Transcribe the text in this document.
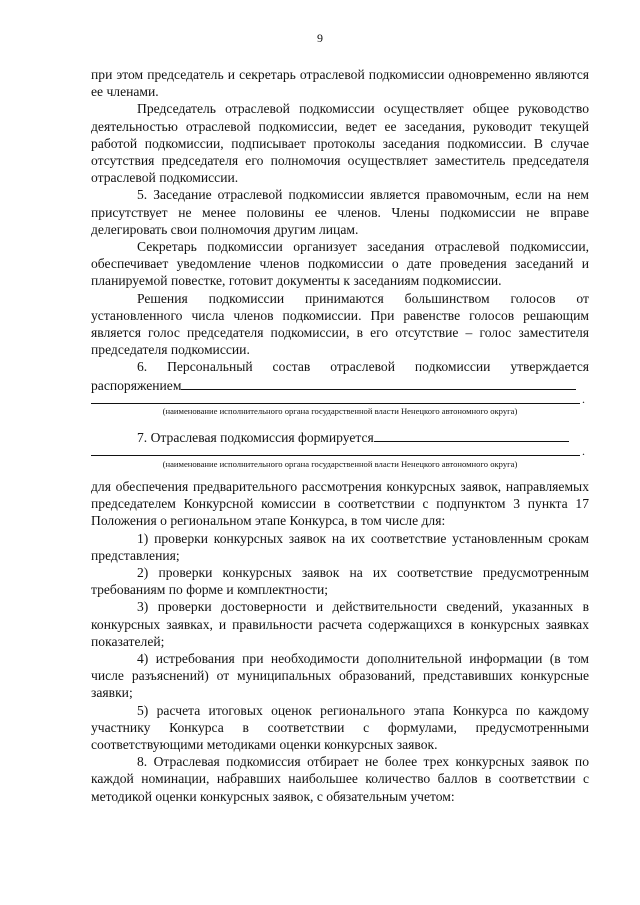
9

при этом председатель и секретарь отраслевой подкомиссии одновременно являются ее членами.

Председатель отраслевой подкомиссии осуществляет общее руководство деятельностью отраслевой подкомиссии, ведет ее заседания, руководит текущей работой подкомиссии, подписывает протоколы заседания подкомиссии. В случае отсутствия председателя его полномочия осуществляет заместитель председателя отраслевой подкомиссии.

5. Заседание отраслевой подкомиссии является правомочным, если на нем присутствует не менее половины ее членов. Члены подкомиссии не вправе делегировать свои полномочия другим лицам.

Секретарь подкомиссии организует заседания отраслевой подкомиссии, обеспечивает уведомление членов подкомиссии о дате проведения заседаний и планируемой повестке, готовит документы к заседаниям подкомиссии.

Решения подкомиссии принимаются большинством голосов от установленного числа членов подкомиссии. При равенстве голосов решающим является голос председателя подкомиссии, в его отсутствие – голос заместителя председателя подкомиссии.

6. Персональный состав отраслевой подкомиссии утверждается

распоряжением
.
(наименование исполнительного органа государственной власти Ненецкого автономного округа)
7. Отраслевая подкомиссия формируется
.
(наименование исполнительного органа государственной власти Ненецкого автономного округа)

для обеспечения предварительного рассмотрения конкурсных заявок, направляемых председателем Конкурсной комиссии в соответствии с подпунктом 3 пункта 17 Положения о региональном этапе Конкурса, в том числе для:

1) проверки конкурсных заявок на их соответствие установленным срокам представления;

2) проверки конкурсных заявок на их соответствие предусмотренным требованиям по форме и комплектности;

3) проверки достоверности и действительности сведений, указанных в конкурсных заявках, и правильности расчета содержащихся в конкурсных заявках показателей;

4) истребования при необходимости дополнительной информации (в том числе разъяснений) от муниципальных образований, представивших конкурсные заявки;

5) расчета итоговых оценок регионального этапа Конкурса по каждому участнику Конкурса в соответствии с формулами, предусмотренными соответствующими методиками оценки конкурсных заявок.

8. Отраслевая подкомиссия отбирает не более трех конкурсных заявок по каждой номинации, набравших наибольшее количество баллов в соответствии с методикой оценки конкурсных заявок, с обязательным учетом:
